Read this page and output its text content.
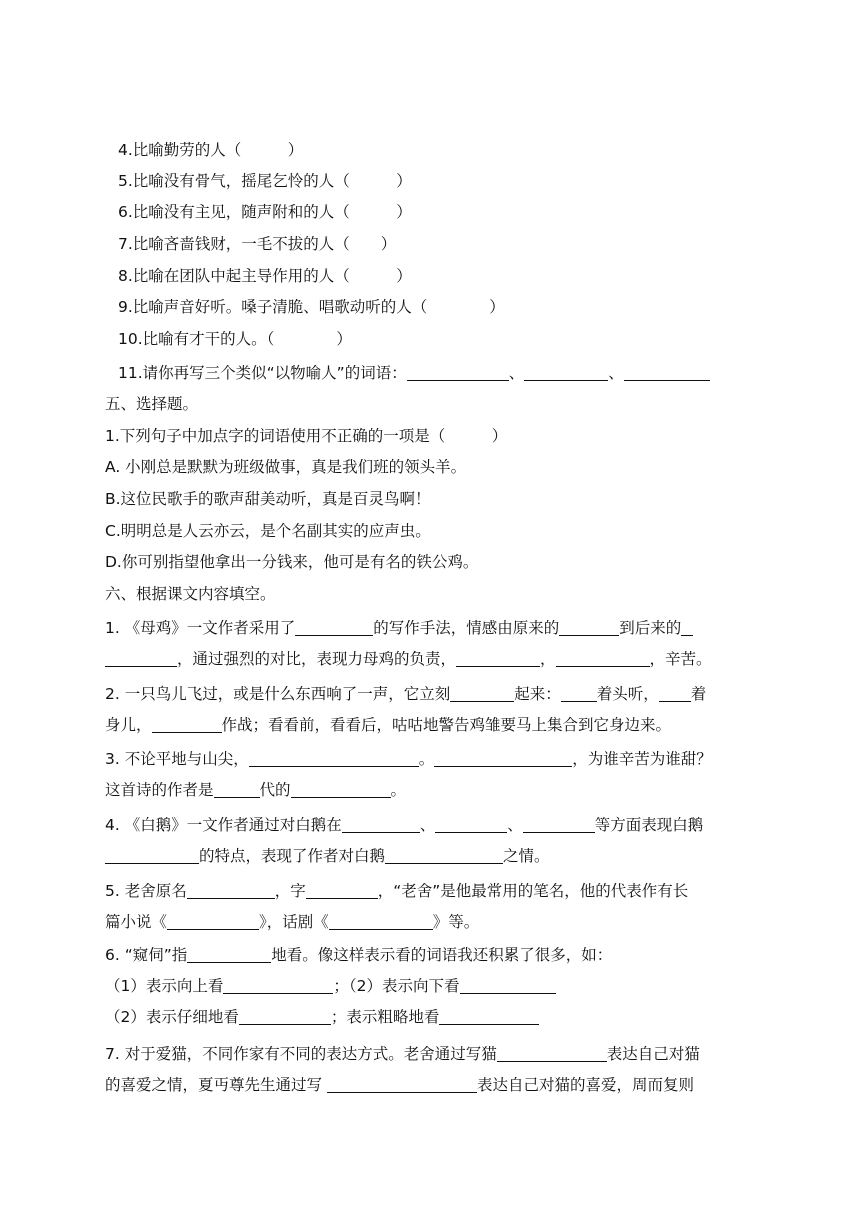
4.比喻勤劳的人（　　　）
5.比喻没有骨气，摇尾乞怜的人（　　　）
6.比喻没有主见，随声附和的人（　　　）
7.比喻吝啬钱财，一毛不拔的人（　　）
8.比喻在团队中起主导作用的人（　　　）
9.比喻声音好听。嗓子清脆、唱歌动听的人（　　　　）
10.比喻有才干的人。（　　　　）
11.请你再写三个类似“以物喻人”的词语：	、	、
五、选择题。
1.下列句子中加点字的词语使用不正确的一项是（　　　）
A. 小刚总是默默为班级做事，真是我们班的领头羊。
B.这位民歌手的歌声甜美动听，真是百灵鸟啊！
C.明明总是人云亦云，是个名副其实的应声虫。
D.你可别指望他拿出一分钱来，他可是有名的铁公鸡。
六、根据课文内容填空。
1. 《母鸡》一文作者采用了	的写作手法，情感由原来的	到后来的
，通过强烈的对比，表现力母鸡的负责，	，	，辛苦。
2. 一只鸟儿飞过，或是什么东西响了一声，它立刻	起来： 着头听， 着
身儿，	作战；看看前，看看后，咕咕地警告鸡雏要马上集合到它身边来。
3. 不论平地与山尖，	。	，为谁辛苦为谁甜？
这首诗的作者是	代的	。
4. 《白鹅》一文作者通过对白鹅在	、	、	等方面表现白鹅
的特点，表现了作者对白鹅	之情。
5. 老舍原名	，字	，“老舍”是他最常用的笔名，他的代表作有长
篇小说《	》，话剧《	》等。
6. “窥伺”指	地看。像这样表示看的词语我还积累了很多，如：
（1）表示向上看	；（2）表示向下看
（2）表示仔细地看	；表示粗略地看
7. 对于爱猫，不同作家有不同的表达方式。老舍通过写猫	表达自己对猫
的喜爱之情，夏丏尊先生通过写	表达自己对猫的喜爱，周而复则
